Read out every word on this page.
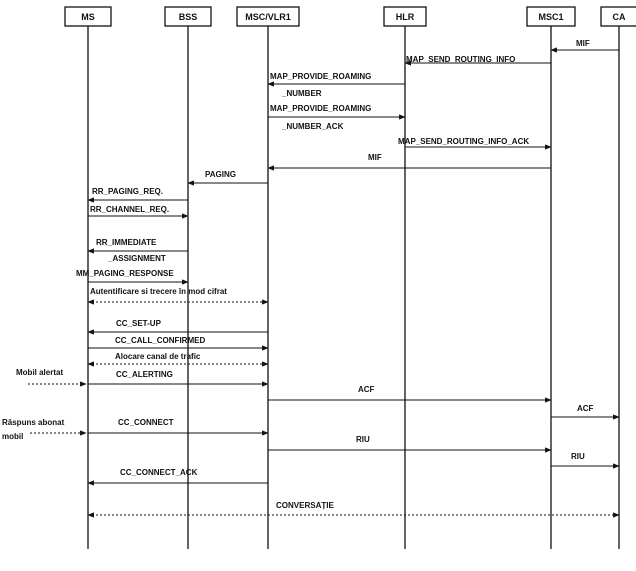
MIF
MAP_SEND_ROUTING_INFO
MAP_PROVIDE_ROAMING _NUMBER
MAP_PROVIDE_ROAMING _NUMBER_ACK
MAP_SEND_ROUTING_INFO_ACK
MIF
PAGING
RR_PAGING_REQ.
RR_CHANNEL_REQ.
RR_IMMEDIATE _ASSIGNMENT
MM_PAGING_RESPONSE
Autentificare si trecere în mod cifrat
CC_SET-UP
CC_CALL_CONFIRMED
Alocare canal de trafic
CC_ALERTING
ACF
ACF
CC_CONNECT
RIU
RIU
CC_CONNECT_ACK
CONVERSAȚIE
Mobil alertat
Răspuns abonat mobil
MS	BSS	MSC/VLR1	HLR	MSC1	CA
